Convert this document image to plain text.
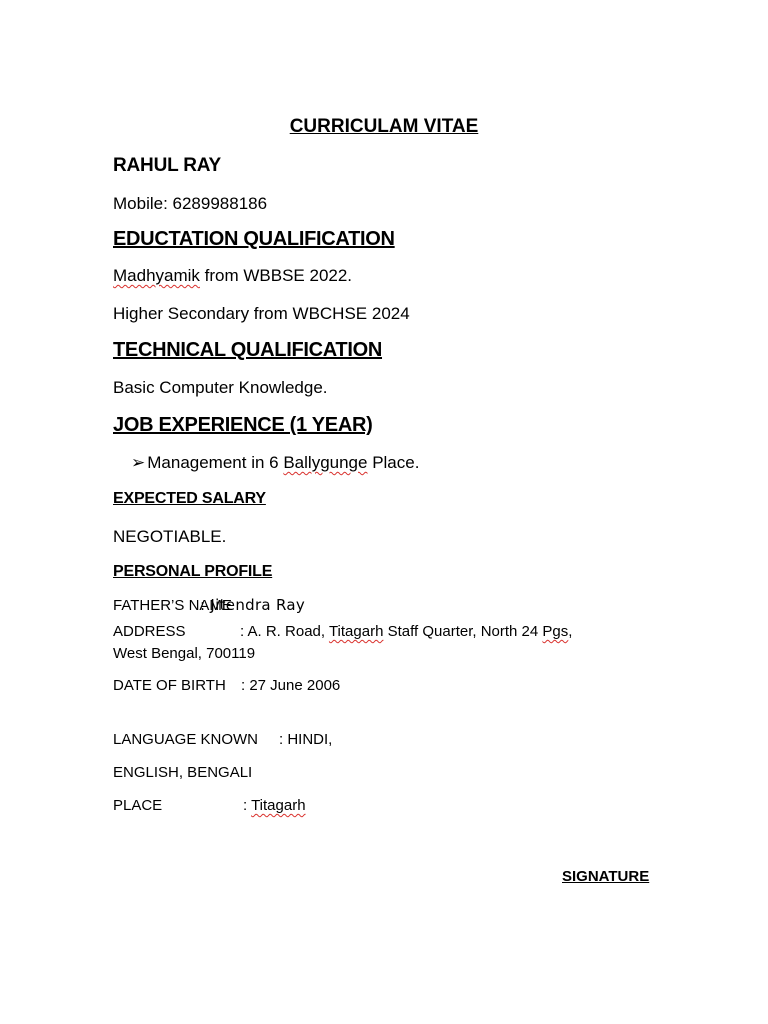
CURRICULAM VITAE

RAHUL RAY

Mobile: 6289988186

EDUCTATION QUALIFICATION

Madhyamik from WBBSE 2022.

Higher Secondary from WBCHSE 2024

TECHNICAL QUALIFICATION

Basic Computer Knowledge.

JOB EXPERIENCE (1 YEAR)

➢ Management in 6 Ballygunge Place.

EXPECTED SALARY

NEGOTIABLE.

PERSONAL PROFILE

FATHER’S NAME: Jitendra Ray

ADDRESS	: A. R. Road, Titagarh Staff Quarter, North 24 Pgs,

West Bengal, 700119

DATE OF BIRTH : 27 June 2006

LANGUAGE KNOWN : HINDI,

ENGLISH, BENGALI

PLACE	: Titagarh

SIGNATURE
